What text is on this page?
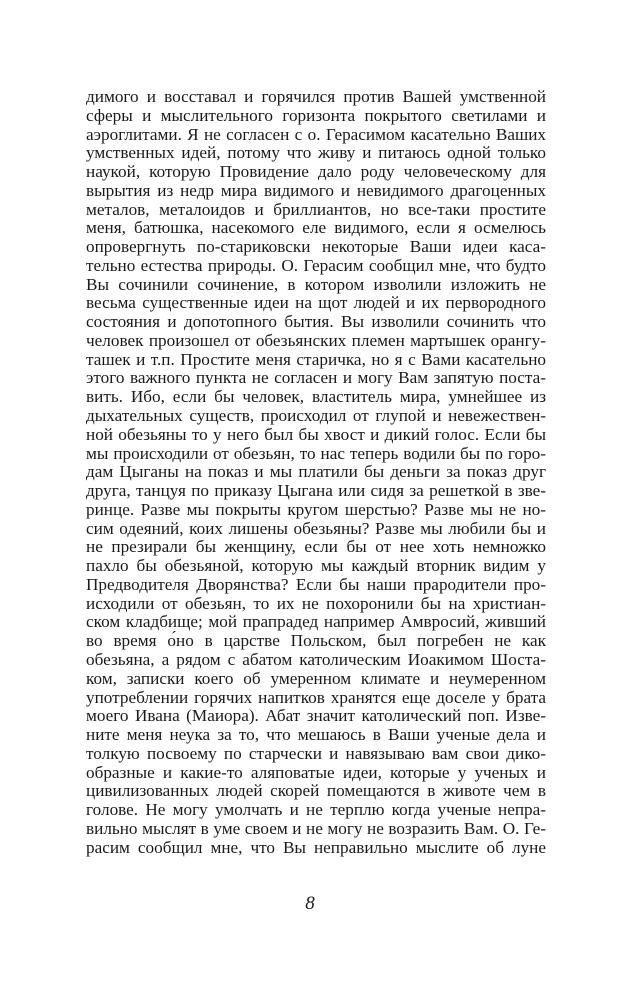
димого и восставал и горячился против Вашей умственной
сферы и мыслительного горизонта покрытого светилами и
аэроглитами. Я не согласен с о. Герасимом касательно Ваших
умственных идей, потому что живу и питаюсь одной только
наукой, которую Провидение дало роду человеческому для
вырытия из недр мира видимого и невидимого драгоценных
металов, металоидов и бриллиантов, но все-таки простите
меня, батюшка, насекомого еле видимого, если я осмелюсь
опровергнуть по-стариковски некоторые Ваши идеи каса-
тельно естества природы. О. Герасим сообщил мне, что будто
Вы сочинили сочинение, в котором изволили изложить не
весьма существенные идеи на щот людей и их первородного
состояния и допотопного бытия. Вы изволили сочинить что
человек произошел от обезьянских племен мартышек орангу-
ташек и т.п. Простите меня старичка, но я с Вами касательно
этого важного пункта не согласен и могу Вам запятую поста-
вить. Ибо, если бы человек, властитель мира, умнейшее из
дыхательных существ, происходил от глупой и невежествен-
ной обезьяны то у него был бы хвост и дикий голос. Если бы
мы происходили от обезьян, то нас теперь водили бы по горо-
дам Цыганы на показ и мы платили бы деньги за показ друг
друга, танцуя по приказу Цыгана или сидя за решеткой в зве-
ринце. Разве мы покрыты кругом шерстью? Разве мы не но-
сим одеяний, коих лишены обезьяны? Разве мы любили бы и
не презирали бы женщину, если бы от нее хоть немножко
пахло бы обезьяной, которую мы каждый вторник видим у
Предводителя Дворянства? Если бы наши прародители про-
исходили от обезьян, то их не похоронили бы на христиан-
ском кладбище; мой прапрадед например Амвросий, живший
во время о́но в царстве Польском, был погребен не как
обезьяна, а рядом с абатом католическим Иоакимом Шоста-
ком, записки коего об умеренном климате и неумеренном
употреблении горячих напитков хранятся еще доселе у брата
моего Ивана (Маиора). Абат значит католический поп. Изве-
ните меня неука за то, что мешаюсь в Ваши ученые дела и
толкую посвоему по старчески и навязываю вам свои дико-
образные и какие-то аляповатые идеи, которые у ученых и
цивилизованных людей скорей помещаются в животе чем в
голове. Не могу умолчать и не терплю когда ученые непра-
вильно мыслят в уме своем и не могу не возразить Вам. О. Ге-
расим сообщил мне, что Вы неправильно мыслите об луне
8
